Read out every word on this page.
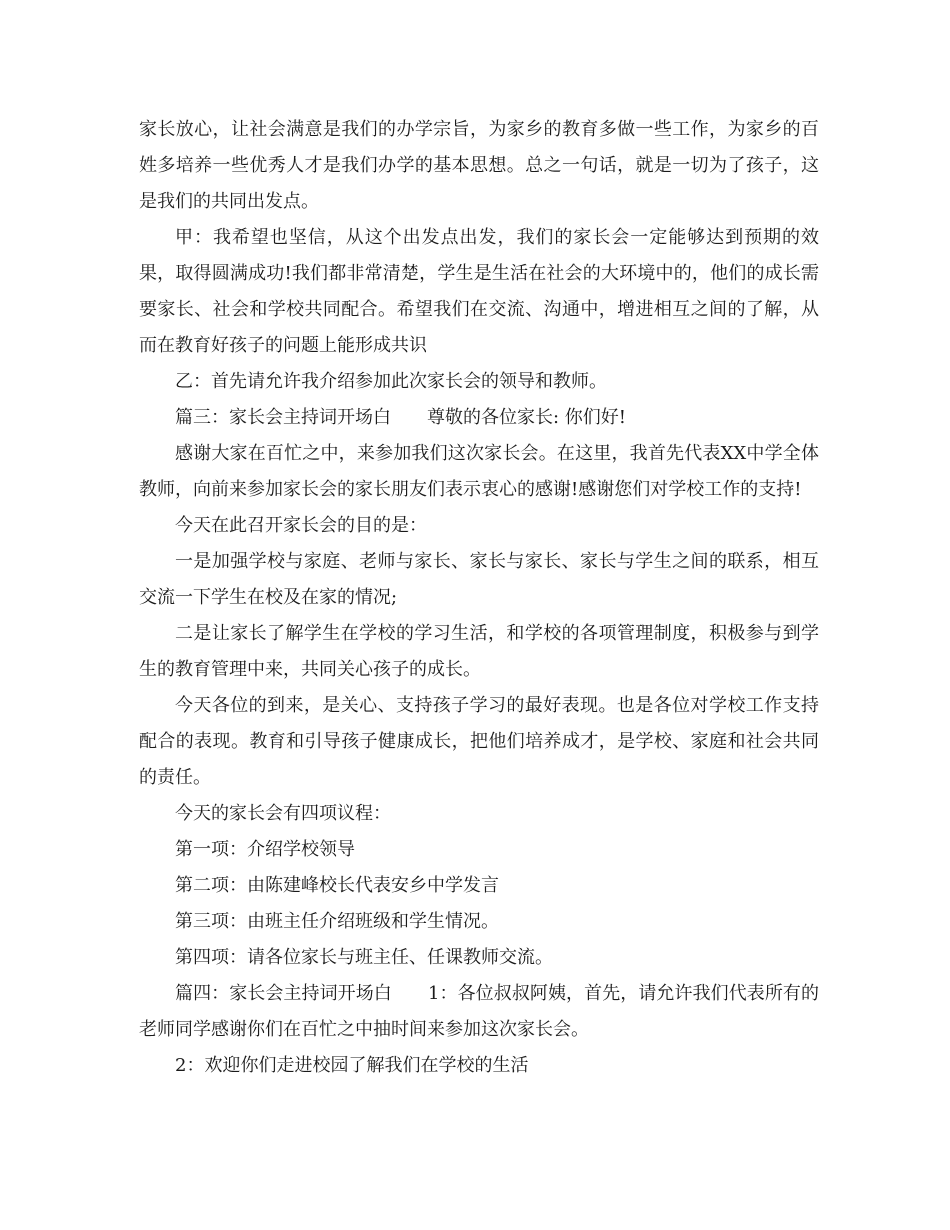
家长放心，让社会满意是我们的办学宗旨，为家乡的教育多做一些工作，为家乡的百姓多培养一些优秀人才是我们办学的基本思想。总之一句话，就是一切为了孩子，这是我们的共同出发点。

甲：我希望也坚信，从这个出发点出发，我们的家长会一定能够达到预期的效果，取得圆满成功!我们都非常清楚，学生是生活在社会的大环境中的，他们的成长需要家长、社会和学校共同配合。希望我们在交流、沟通中，增进相互之间的了解，从而在教育好孩子的问题上能形成共识

乙：首先请允许我介绍参加此次家长会的领导和教师。

篇三：家长会主持词开场白　　尊敬的各位家长: 你们好!

感谢大家在百忙之中，来参加我们这次家长会。在这里，我首先代表XX中学全体教师，向前来参加家长会的家长朋友们表示衷心的感谢!感谢您们对学校工作的支持!

今天在此召开家长会的目的是：

一是加强学校与家庭、老师与家长、家长与家长、家长与学生之间的联系，相互交流一下学生在校及在家的情况;

二是让家长了解学生在学校的学习生活，和学校的各项管理制度，积极参与到学生的教育管理中来，共同关心孩子的成长。

今天各位的到来，是关心、支持孩子学习的最好表现。也是各位对学校工作支持配合的表现。教育和引导孩子健康成长，把他们培养成才，是学校、家庭和社会共同的责任。

今天的家长会有四项议程：

第一项：介绍学校领导

第二项：由陈建峰校长代表安乡中学发言

第三项：由班主任介绍班级和学生情况。

第四项：请各位家长与班主任、任课教师交流。

篇四：家长会主持词开场白　　1：各位叔叔阿姨，首先，请允许我们代表所有的老师同学感谢你们在百忙之中抽时间来参加这次家长会。

2：欢迎你们走进校园了解我们在学校的生活
